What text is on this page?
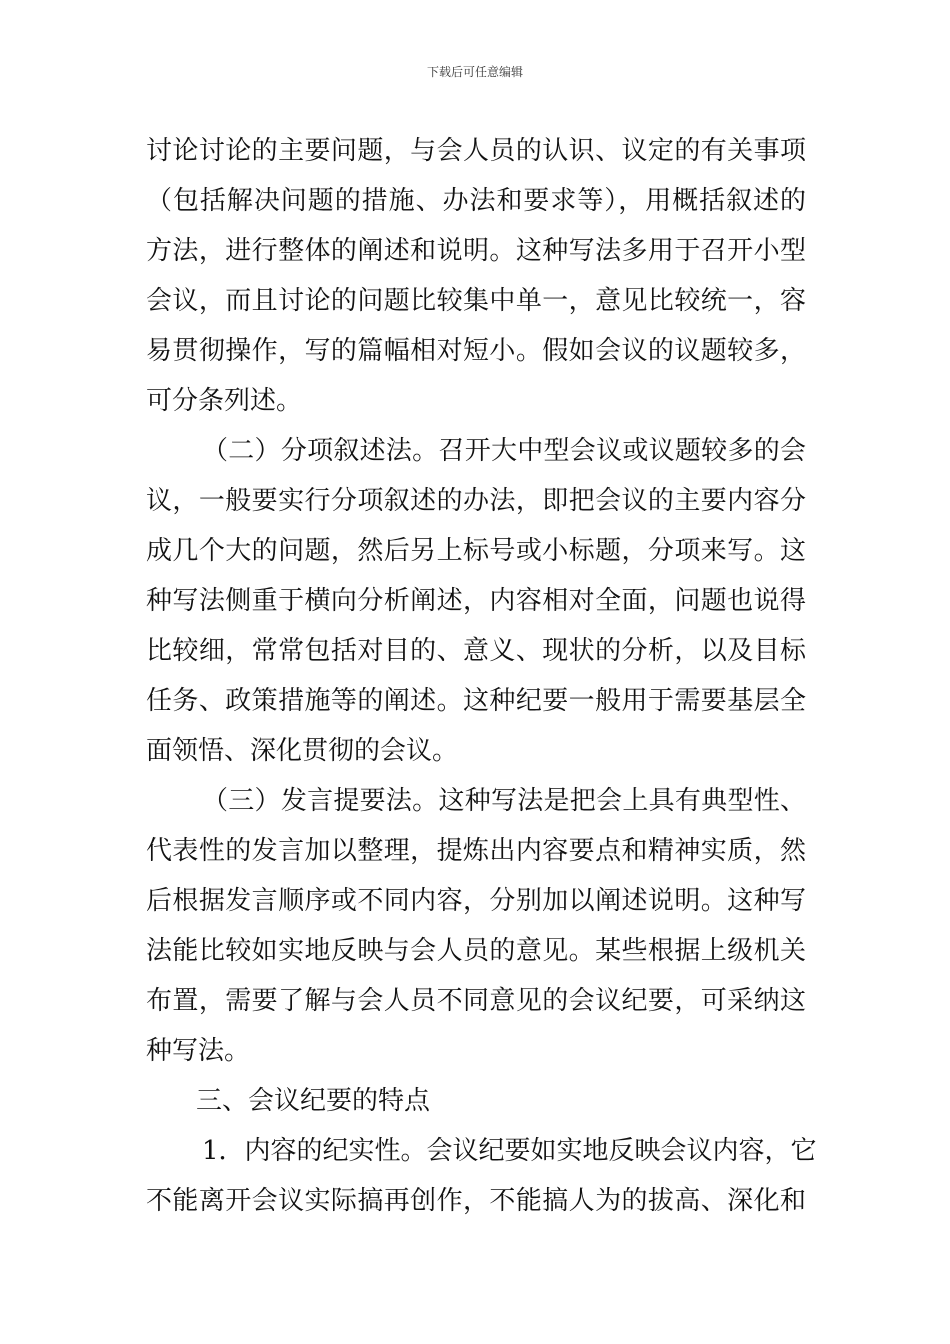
下载后可任意编辑
讨论讨论的主要问题，与会人员的认识、议定的有关事项
（包括解决问题的措施、办法和要求等），用概括叙述的
方法，进行整体的阐述和说明。这种写法多用于召开小型
会议，而且讨论的问题比较集中单一，意见比较统一，容
易贯彻操作，写的篇幅相对短小。假如会议的议题较多，
可分条列述。
（二）分项叙述法。召开大中型会议或议题较多的会
议，一般要实行分项叙述的办法，即把会议的主要内容分
成几个大的问题，然后另上标号或小标题，分项来写。这
种写法侧重于横向分析阐述，内容相对全面，问题也说得
比较细，常常包括对目的、意义、现状的分析，以及目标
任务、政策措施等的阐述。这种纪要一般用于需要基层全
面领悟、深化贯彻的会议。
（三）发言提要法。这种写法是把会上具有典型性、
代表性的发言加以整理，提炼出内容要点和精神实质，然
后根据发言顺序或不同内容，分别加以阐述说明。这种写
法能比较如实地反映与会人员的意见。某些根据上级机关
布置，需要了解与会人员不同意见的会议纪要，可采纳这
种写法。
三、会议纪要的特点
1．内容的纪实性。会议纪要如实地反映会议内容，它
不能离开会议实际搞再创作，不能搞人为的拔高、深化和
